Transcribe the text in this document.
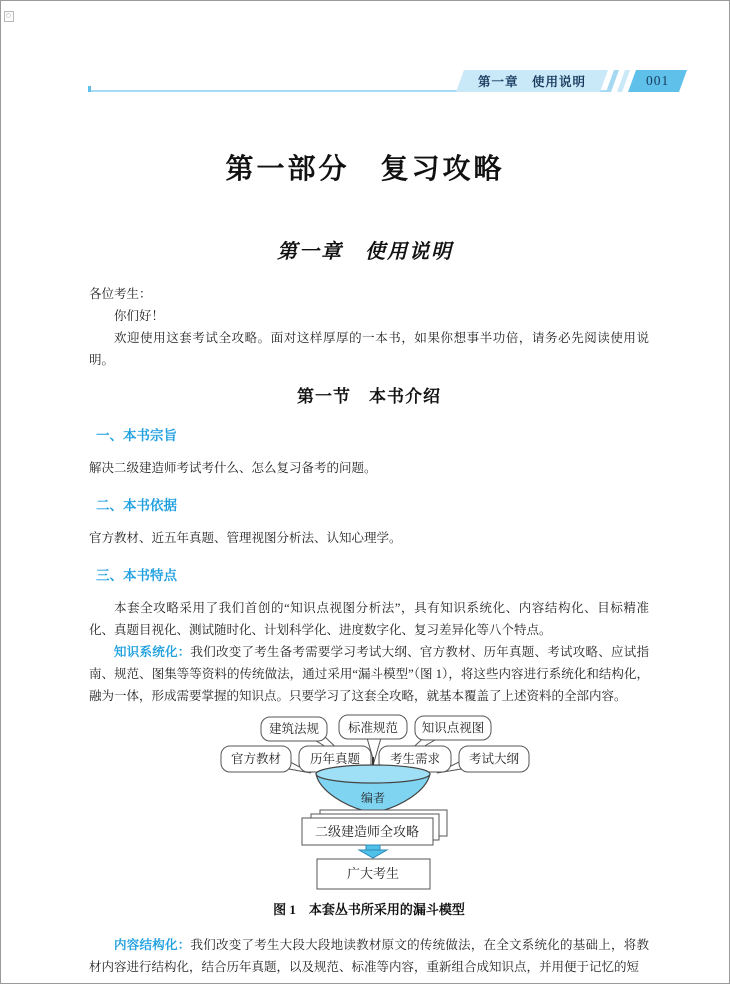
第一章　使用说明	001
第一部分　复习攻略
第一章　使用说明

各位考生：

你们好！

欢迎使用这套考试全攻略。面对这样厚厚的一本书，如果你想事半功倍，请务必先阅读使用说明。

第一节　本书介绍
一、本书宗旨

解决二级建造师考试考什么、怎么复习备考的问题。

二、本书依据

官方教材、近五年真题、管理视图分析法、认知心理学。

三、本书特点

本套全攻略采用了我们首创的“知识点视图分析法”，具有知识系统化、内容结构化、目标精准化、真题目视化、测试随时化、计划科学化、进度数字化、复习差异化等八个特点。

知识系统化：我们改变了考生备考需要学习考试大纲、官方教材、历年真题、考试攻略、应试指南、规范、图集等等资料的传统做法，通过采用“漏斗模型”（图 1），将这些内容进行系统化和结构化，融为一体，形成需要掌握的知识点。只要学习了这套全攻略，就基本覆盖了上述资料的全部内容。

建筑法规 标准规范 知识点视图
官方教材 历年真题 考生需求 考试大纲
编者
二级建造师全攻略
广大考生
图 1　本套丛书所采用的漏斗模型

内容结构化：我们改变了考生大段大段地读教材原文的传统做法，在全文系统化的基础上，将教材内容进行结构化，结合历年真题，以及规范、标准等内容，重新组合成知识点，并用便于记忆的短
